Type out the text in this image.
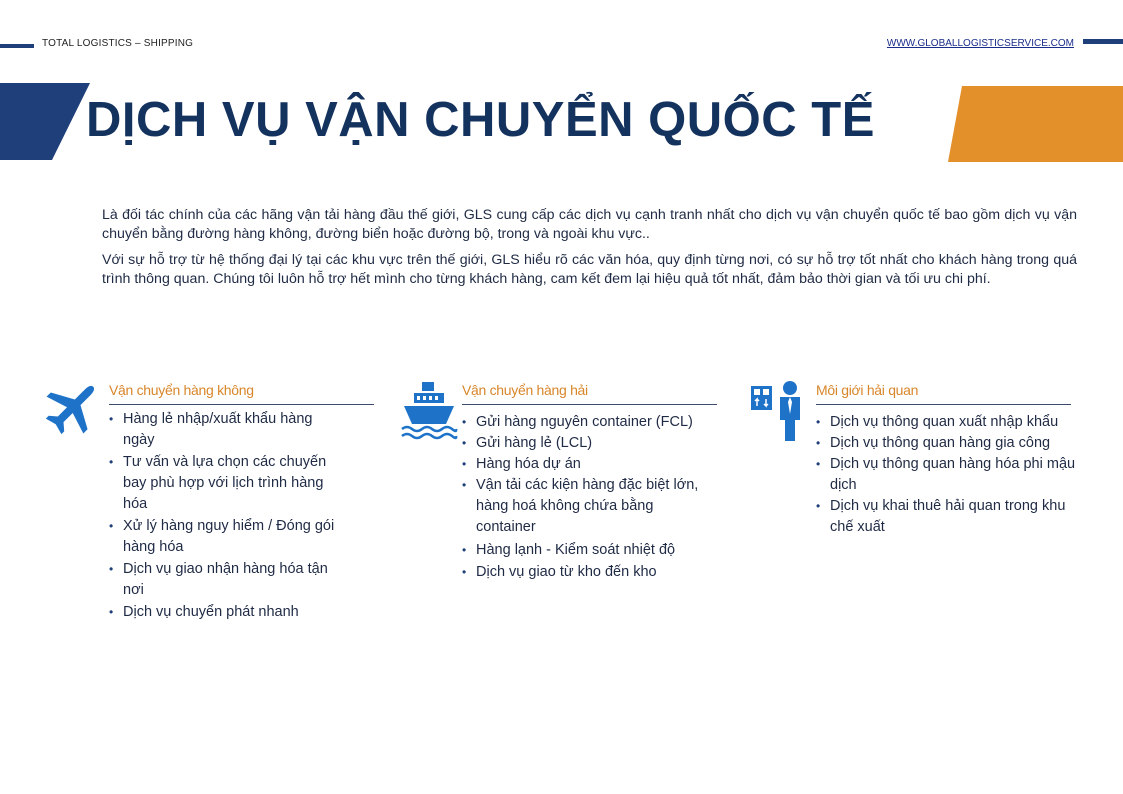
TOTAL LOGISTICS – SHIPPING	WWW.GLOBALLOGISTICSERVICE.COM
DỊCH VỤ VẬN CHUYỂN QUỐC TẾ

Là đối tác chính của các hãng vận tải hàng đầu thế giới, GLS cung cấp các dịch vụ cạnh tranh nhất cho dịch vụ vận chuyển quốc tế bao gồm dịch vụ vận chuyển bằng đường hàng không, đường biển hoặc đường bộ, trong và ngoài khu vực..

Với sự hỗ trợ từ hệ thống đại lý tại các khu vực trên thế giới, GLS hiểu rõ các văn hóa, quy định từng nơi, có sự hỗ trợ tốt nhất cho khách hàng trong quá trình thông quan. Chúng tôi luôn hỗ trợ hết mình cho từng khách hàng, cam kết đem lại hiệu quả tốt nhất, đảm bảo thời gian và tối ưu chi phí.

Vận chuyển hàng không
• Hàng lẻ nhập/xuất khẩu hàng ngày
• Tư vấn và lựa chọn các chuyến bay phù hợp với lịch trình hàng hóa
• Xử lý hàng nguy hiểm / Đóng gói hàng hóa
• Dịch vụ giao nhận hàng hóa tận nơi
• Dịch vụ chuyển phát nhanh
Vận chuyển hàng hải
• Gửi hàng nguyên container (FCL)
• Gửi hàng lẻ (LCL)
• Hàng hóa dự án
• Vận tải các kiện hàng đặc biệt lớn, hàng hoá không chứa bằng container
• Hàng lạnh - Kiểm soát nhiệt độ
• Dịch vụ giao từ kho đến kho
Môi giới hải quan
• Dịch vụ thông quan xuất nhập khẩu
• Dịch vụ thông quan hàng gia công
• Dịch vụ thông quan hàng hóa phi mậu dịch
• Dịch vụ khai thuê hải quan trong khu chế xuất
